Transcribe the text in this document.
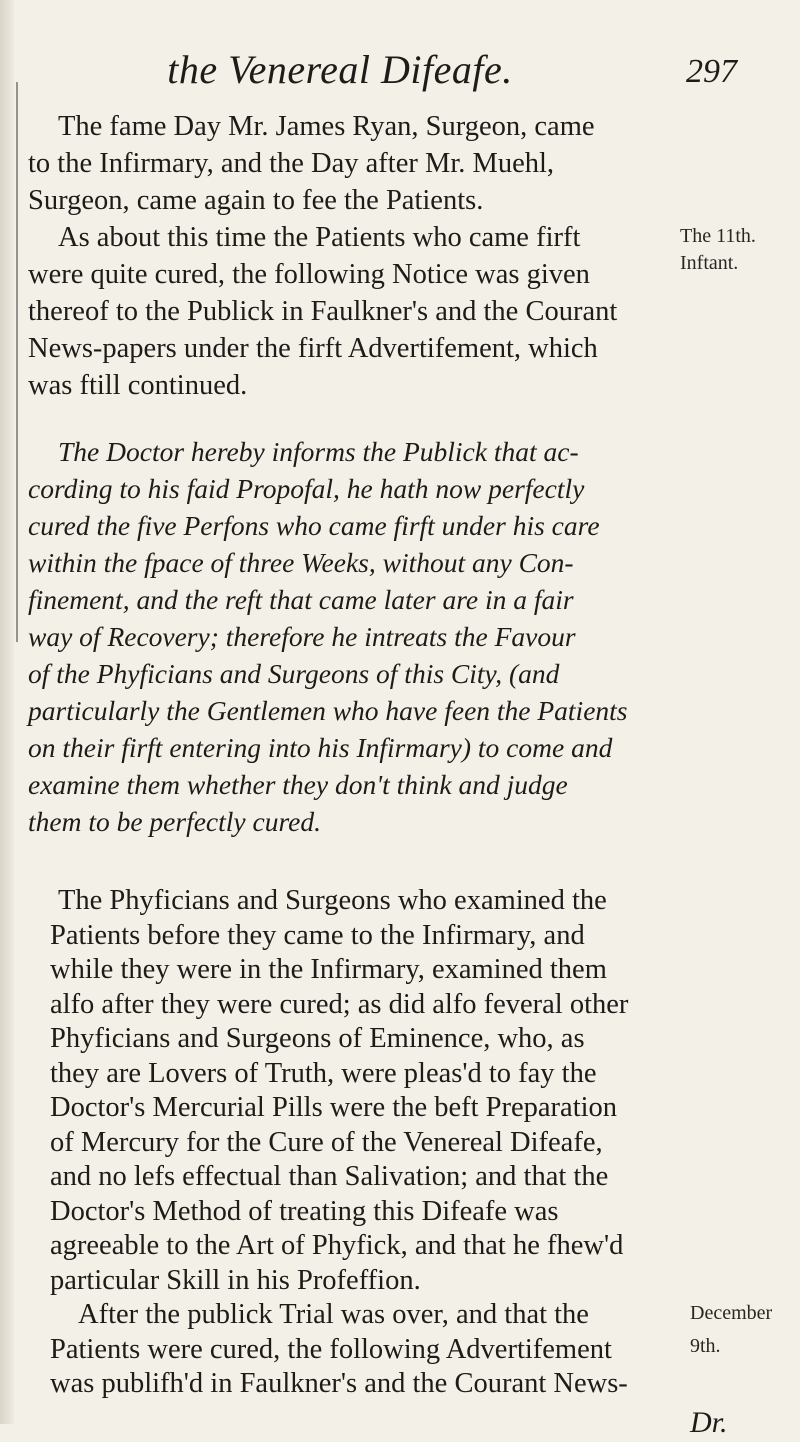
the Venereal Difeafe.	297
The fame Day Mr. James Ryan, Surgeon, came
to the Infirmary, and the Day after Mr. Muehl,
Surgeon, came again to fee the Patients.
As about this time the Patients who came firft
were quite cured, the following Notice was given
thereof to the Publick in Faulkner's and the Courant
News-papers under the firft Advertifement, which
was ftill continued.
The 11th.
Inftant.
The Doctor hereby informs the Publick that ac-
cording to his faid Propofal, he hath now perfectly
cured the five Perfons who came firft under his care
within the fpace of three Weeks, without any Con-
finement, and the reft that came later are in a fair
way of Recovery; therefore he intreats the Favour
of the Phyficians and Surgeons of this City, (and
particularly the Gentlemen who have feen the Patients
on their firft entering into his Infirmary) to come and
examine them whether they don't think and judge
them to be perfectly cured.
The Phyficians and Surgeons who examined the
Patients before they came to the Infirmary, and
while they were in the Infirmary, examined them
alfo after they were cured; as did alfo feveral other
Phyficians and Surgeons of Eminence, who, as
they are Lovers of Truth, were pleas'd to fay the
Doctor's Mercurial Pills were the beft Preparation
of Mercury for the Cure of the Venereal Difeafe,
and no lefs effectual than Salivation; and that the
Doctor's Method of treating this Difeafe was
agreeable to the Art of Phyfick, and that he fhew'd
particular Skill in his Profeffion.
After the publick Trial was over, and that the
Patients were cured, the following Advertifement
was publifh'd in Faulkner's and the Courant News-
December
9th.
Dr.
